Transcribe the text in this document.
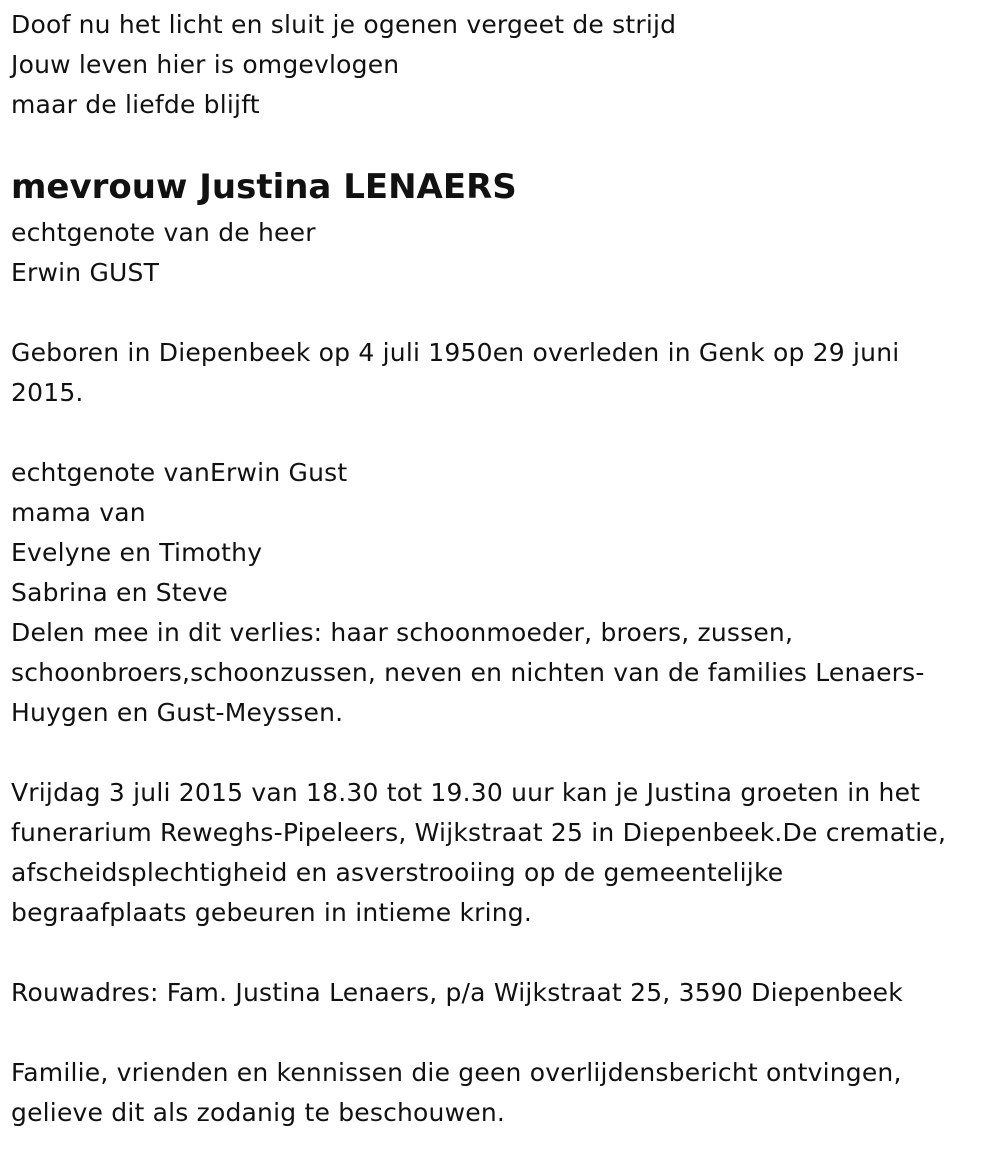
Doof nu het licht en sluit je ogenen vergeet de strijd
Jouw leven hier is omgevlogen
maar de liefde blijft
mevrouw Justina LENAERS
echtgenote van de heer
Erwin GUST
Geboren in Diepenbeek op 4 juli 1950en overleden in Genk op 29 juni
2015.
echtgenote vanErwin Gust
mama van
Evelyne en Timothy
Sabrina en Steve
Delen mee in dit verlies: haar schoonmoeder, broers, zussen,
schoonbroers,schoonzussen, neven en nichten van de families Lenaers-
Huygen en Gust-Meyssen.
Vrijdag 3 juli 2015 van 18.30 tot 19.30 uur kan je Justina groeten in het
funerarium Reweghs-Pipeleers, Wijkstraat 25 in Diepenbeek.De crematie,
afscheidsplechtigheid en asverstrooiing op de gemeentelijke
begraafplaats gebeuren in intieme kring.
Rouwadres: Fam. Justina Lenaers, p/a Wijkstraat 25, 3590 Diepenbeek
Familie, vrienden en kennissen die geen overlijdensbericht ontvingen,
gelieve dit als zodanig te beschouwen.
